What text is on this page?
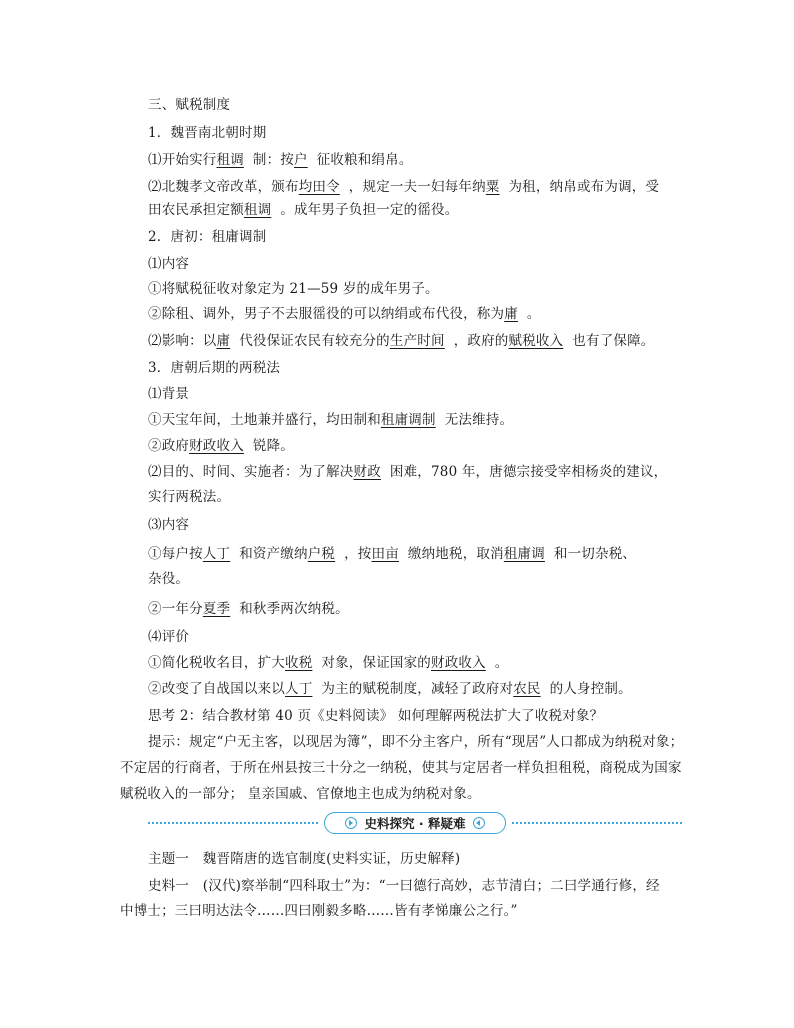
三、赋税制度
1．魏晋南北朝时期
⑴开始实行租调 制：按户 征收粮和绢帛。
⑵北魏孝文帝改革，颁布均田令 ，规定一夫一妇每年纳粟 为租，纳帛或布为调，受
田农民承担定额租调 。成年男子负担一定的徭役。
2．唐初：租庸调制
⑴内容
①将赋税征收对象定为 21—59 岁的成年男子。
②除租、调外，男子不去服徭役的可以纳绢或布代役，称为庸 。
⑵影响：以庸 代役保证农民有较充分的生产时间 ，政府的赋税收入 也有了保障。
3．唐朝后期的两税法
⑴背景
①天宝年间，土地兼并盛行，均田制和租庸调制 无法维持。
②政府财政收入 锐降。
⑵目的、时间、实施者：为了解决财政 困难，780 年，唐德宗接受宰相杨炎的建议，
实行两税法。
⑶内容
①每户按人丁 和资产缴纳户税 ，按田亩 缴纳地税，取消租庸调 和一切杂税、
杂役。
②一年分夏季 和秋季两次纳税。
⑷评价
①简化税收名目，扩大收税 对象，保证国家的财政收入 。
②改变了自战国以来以人丁 为主的赋税制度，减轻了政府对农民 的人身控制。
思考 2：结合教材第 40 页《史料阅读》 如何理解两税法扩大了收税对象？
提示：规定“户无主客，以现居为簿”，即不分主客户，所有“现居”人口都成为纳税对象；
不定居的行商者，于所在州县按三十分之一纳税，使其与定居者一样负担租税，商税成为国家
赋税收入的一部分； 皇亲国戚、官僚地主也成为纳税对象。
史料探究 · 释疑难
主题一　魏晋隋唐的选官制度(史料实证，历史解释)
史料一　(汉代)察举制“四科取士”为：“一曰德行高妙，志节清白；二曰学通行修，经
中博士；三曰明达法令……四曰刚毅多略……皆有孝悌廉公之行。”
